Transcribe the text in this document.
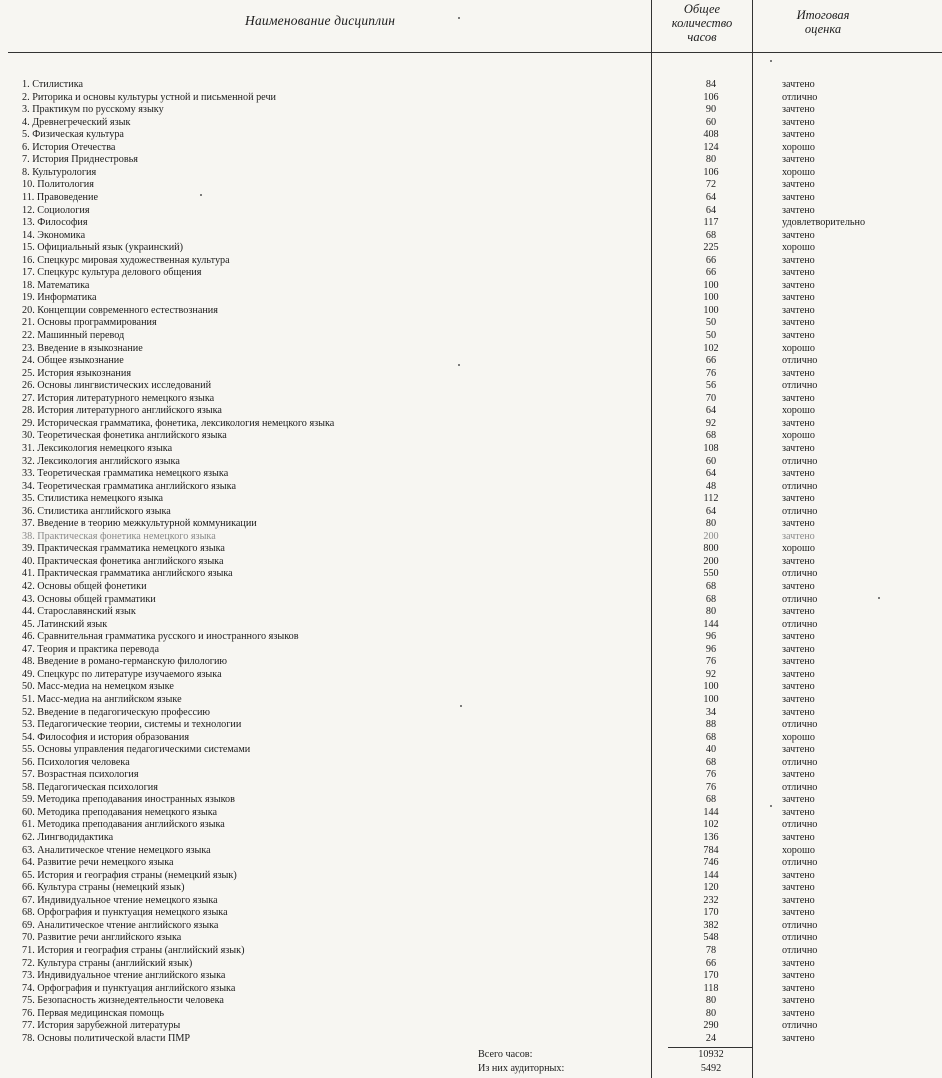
Наименование дисциплин
Общее
количество
часов
Итоговая
оценка
1. Стилистика	84	зачтено
2. Риторика и основы культуры устной и письменной речи	106	отлично
3. Практикум по русскому языку	90	зачтено
4. Древнегреческий язык	60	зачтено
5. Физическая культура	408	зачтено
6. История Отечества	124	хорошо
7. История Приднестровья	80	зачтено
8. Культурология	106	хорошо
10. Политология	72	зачтено
11. Правоведение	64	зачтено
12. Социология	64	зачтено
13. Философия	117	удовлетворительно
14. Экономика	68	зачтено
15. Официальный язык (украинский)	225	хорошо
16. Спецкурс мировая художественная культура	66	зачтено
17. Спецкурс культура делового общения	66	зачтено
18. Математика	100	зачтено
19. Информатика	100	зачтено
20. Концепции современного естествознания	100	зачтено
21. Основы программирования	50	зачтено
22. Машинный перевод	50	зачтено
23. Введение в языкознание	102	хорошо
24. Общее языкознание	66	отлично
25. История языкознания	76	зачтено
26. Основы лингвистических исследований	56	отлично
27. История литературного немецкого языка	70	зачтено
28. История литературного английского языка	64	хорошо
29. Историческая грамматика, фонетика, лексикология немецкого языка	92	зачтено
30. Теоретическая фонетика английского языка	68	хорошо
31. Лексикология немецкого языка	108	зачтено
32. Лексикология английского языка	60	отлично
33. Теоретическая грамматика немецкого языка	64	зачтено
34. Теоретическая грамматика английского языка	48	отлично
35. Стилистика немецкого языка	112	зачтено
36. Стилистика английского языка	64	отлично
37. Введение в теорию межкультурной коммуникации	80	зачтено
38. Практическая фонетика немецкого языка	200	зачтено
39. Практическая грамматика немецкого языка	800	хорошо
40. Практическая фонетика английского языка	200	зачтено
41. Практическая грамматика английского языка	550	отлично
42. Основы общей фонетики	68	зачтено
43. Основы общей грамматики	68	отлично
44. Старославянский язык	80	зачтено
45. Латинский язык	144	отлично
46. Сравнительная грамматика русского и иностранного языков	96	зачтено
47. Теория и практика перевода	96	зачтено
48. Введение в романо-германскую филологию	76	зачтено
49. Спецкурс по литературе изучаемого языка	92	зачтено
50. Масс-медиа на немецком языке	100	зачтено
51. Масс-медиа на английском языке	100	зачтено
52. Введение в педагогическую профессию	34	зачтено
53. Педагогические теории, системы и технологии	88	отлично
54. Философия и история образования	68	хорошо
55. Основы управления педагогическими системами	40	зачтено
56. Психология человека	68	отлично
57. Возрастная психология	76	зачтено
58. Педагогическая психология	76	отлично
59. Методика преподавания иностранных языков	68	зачтено
60. Методика преподавания немецкого языка	144	зачтено
61. Методика преподавания английского языка	102	отлично
62. Лингводидактика	136	зачтено
63. Аналитическое чтение немецкого языка	784	хорошо
64. Развитие речи немецкого языка	746	отлично
65. История и география страны (немецкий язык)	144	зачтено
66. Культура страны (немецкий язык)	120	зачтено
67. Индивидуальное чтение немецкого языка	232	зачтено
68. Орфография и пунктуация немецкого языка	170	зачтено
69. Аналитическое чтение английского языка	382	отлично
70. Развитие речи английского языка	548	отлично
71. История и география страны (английский язык)	78	отлично
72. Культура страны (английский язык)	66	зачтено
73. Индивидуальное чтение английского языка	170	зачтено
74. Орфография и пунктуация английского языка	118	зачтено
75. Безопасность жизнедеятельности человека	80	зачтено
76. Первая медицинская помощь	80	зачтено
77. История зарубежной литературы	290	отлично
78. Основы политической власти ПМР	24	зачтено
Всего часов:	10932
Из них аудиторных:	5492
